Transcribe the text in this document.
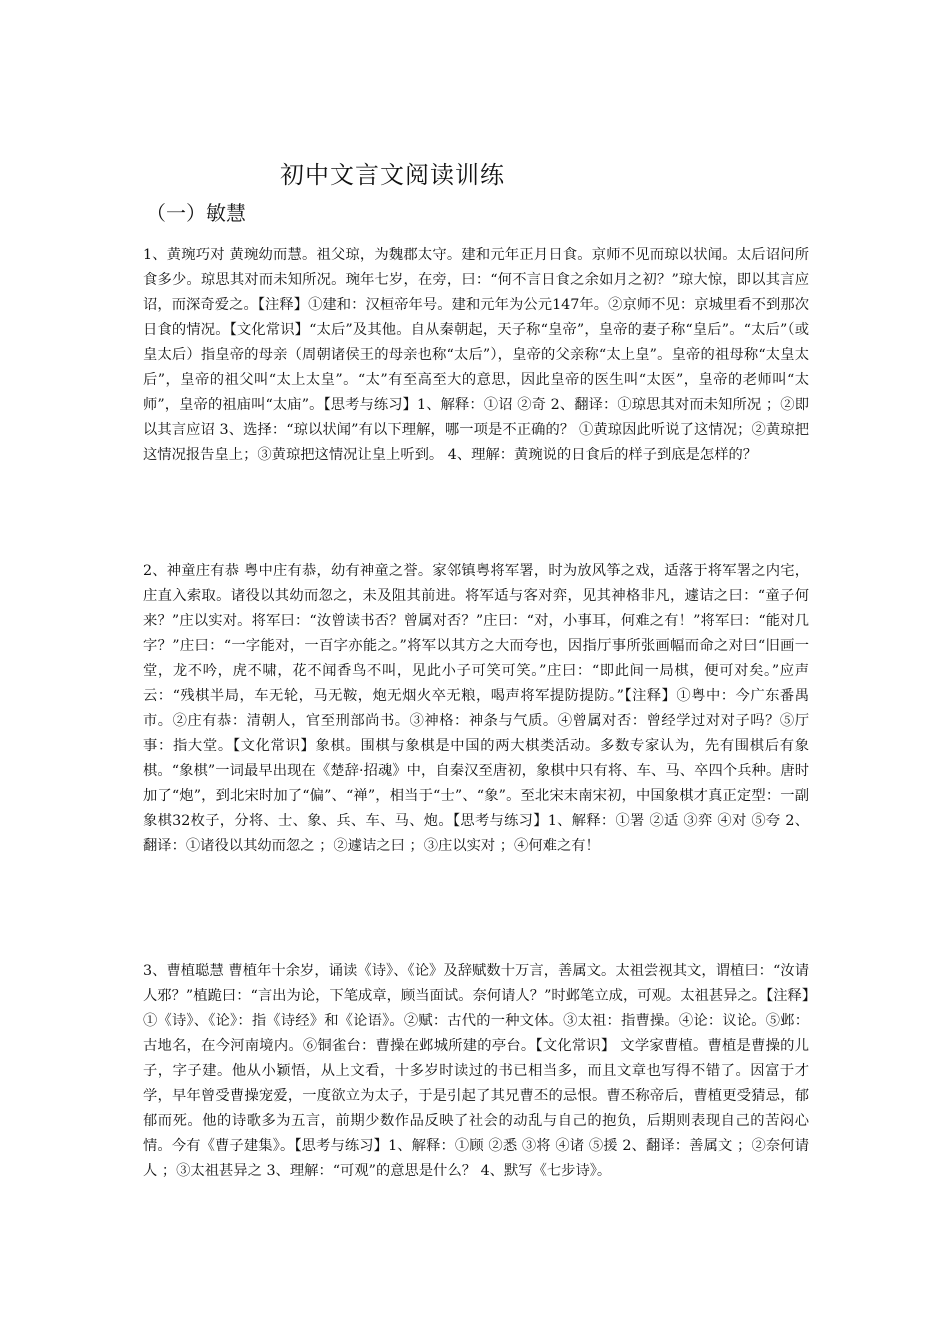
初中文言文阅读训练
（一）敏慧

1、黄琬巧对 黄琬幼而慧。祖父琼，为魏郡太守。建和元年正月日食。京师不见而琼以状闻。太后诏问所食多少。琼思其对而未知所况。琬年七岁，在旁，曰：“何不言日食之余如月之初？”琼大惊，即以其言应诏，而深奇爱之。【注释】①建和：汉桓帝年号。建和元年为公元147年。②京师不见：京城里看不到那次日食的情况。【文化常识】“太后”及其他。自从秦朝起，天子称“皇帝”，皇帝的妻子称“皇后”。“太后”（或皇太后）指皇帝的母亲（周朝诸侯王的母亲也称“太后”），皇帝的父亲称“太上皇”。皇帝的祖母称“太皇太后”，皇帝的祖父叫“太上太皇”。“太”有至高至大的意思，因此皇帝的医生叫“太医”，皇帝的老师叫“太师”，皇帝的祖庙叫“太庙”。【思考与练习】1、解释：①诏 ②奇 2、翻译：①琼思其对而未知所况 ；②即以其言应诏 3、选择：“琼以状闻”有以下理解，哪一项是不正确的？ ①黄琼因此听说了这情况；②黄琼把这情况报告皇上；③黄琼把这情况让皇上听到。 4、理解：黄琬说的日食后的样子到底是怎样的？

2、神童庄有恭 粤中庄有恭，幼有神童之誉。家邻镇粤将军署，时为放风筝之戏，适落于将军署之内宅，庄直入索取。诸役以其幼而忽之，未及阻其前进。将军适与客对弈，见其神格非凡，遽诘之曰：“童子何来？”庄以实对。将军曰：“汝曾读书否？曾属对否？”庄曰：“对，小事耳，何难之有！”将军曰：“能对几字？”庄曰：“一字能对，一百字亦能之。”将军以其方之大而夸也，因指厅事所张画幅而命之对曰“旧画一堂，龙不吟，虎不啸，花不闻香鸟不叫，见此小子可笑可笑。”庄曰：“即此间一局棋，便可对矣。”应声云：“残棋半局，车无轮，马无鞍，炮无烟火卒无粮，喝声将军提防提防。”【注释】①粤中：今广东番禺市。②庄有恭：清朝人，官至刑部尚书。③神格：神条与气质。④曾属对否：曾经学过对对子吗？⑤厅事：指大堂。【文化常识】象棋。围棋与象棋是中国的两大棋类活动。多数专家认为，先有围棋后有象棋。“象棋”一词最早出现在《楚辞·招魂》中，自秦汉至唐初，象棋中只有将、车、马、卒四个兵种。唐时加了“炮”，到北宋时加了“偏”、“禅”，相当于“士”、“象”。至北宋末南宋初，中国象棋才真正定型：一副象棋32枚子，分将、士、象、兵、车、马、炮。【思考与练习】1、解释：①署 ②适 ③弈 ④对 ⑤夸 2、翻译：①诸役以其幼而忽之 ；②遽诘之曰 ；③庄以实对 ；④何难之有！

3、曹植聪慧 曹植年十余岁，诵读《诗》、《论》及辞赋数十万言，善属文。太祖尝视其文，谓植曰：“汝请人邪？”植跪曰：“言出为论，下笔成章，顾当面试。奈何请人？”时邺笔立成，可观。太祖甚异之。【注释】①《诗》、《论》：指《诗经》和《论语》。②赋：古代的一种文体。③太祖：指曹操。④论：议论。⑤邺：古地名，在今河南境内。⑥铜雀台：曹操在邺城所建的亭台。【文化常识】 文学家曹植。曹植是曹操的儿子，字子建。他从小颖悟，从上文看，十多岁时读过的书已相当多，而且文章也写得不错了。因富于才学，早年曾受曹操宠爱，一度欲立为太子，于是引起了其兄曹丕的忌恨。曹丕称帝后，曹植更受猜忌，郁郁而死。他的诗歌多为五言，前期少数作品反映了社会的动乱与自己的抱负，后期则表现自己的苦闷心情。今有《曹子建集》。【思考与练习】1、解释：①顾 ②悉 ③将 ④诸 ⑤援 2、翻译：善属文 ；②奈何请人 ；③太祖甚异之 3、理解：“可观”的意思是什么？ 4、默写《七步诗》。
